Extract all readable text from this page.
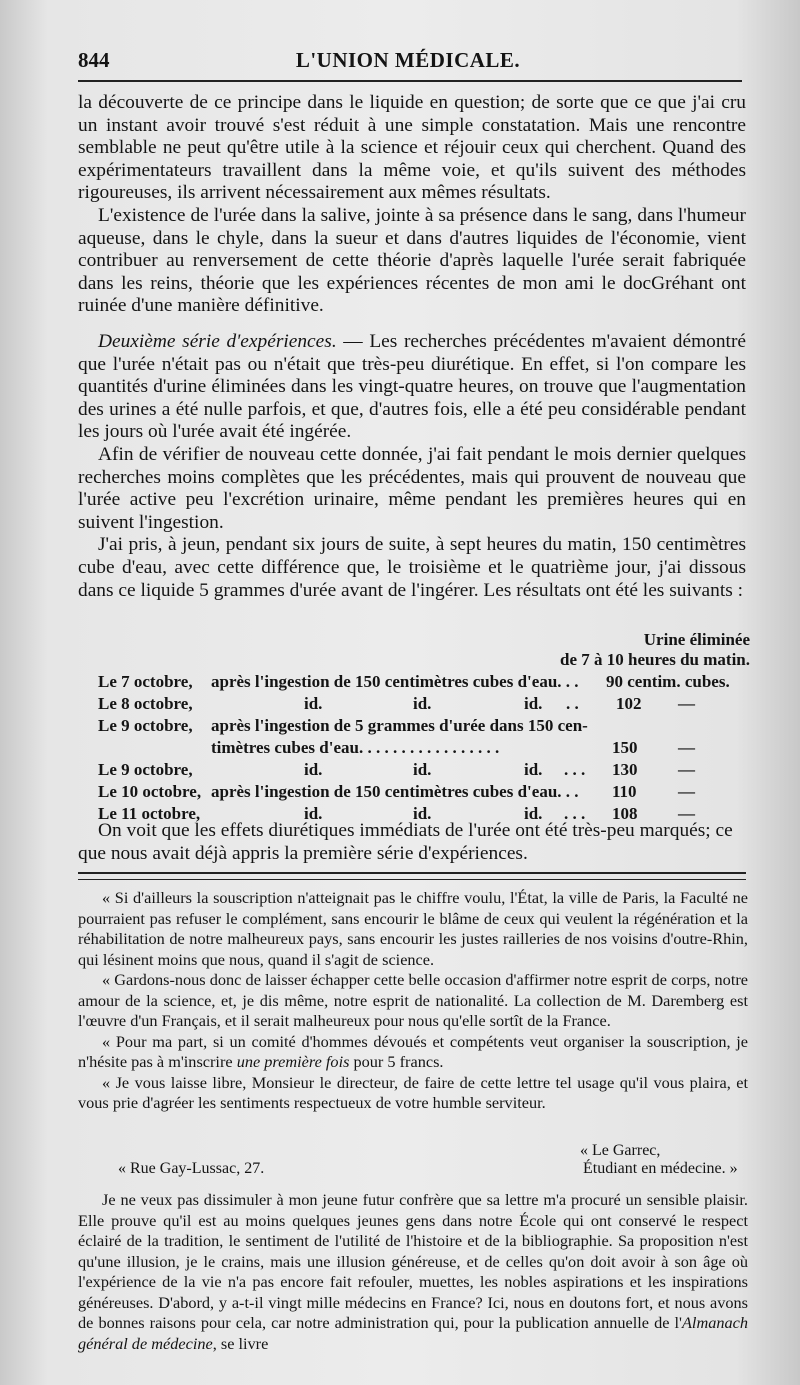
844	L'UNION MÉDICALE.

la découverte de ce principe dans le liquide en question; de sorte que ce que j'ai cru un instant avoir trouvé s'est réduit à une simple constatation. Mais une rencontre semblable ne peut qu'être utile à la science et réjouir ceux qui cherchent. Quand des expérimentateurs travaillent dans la même voie, et qu'ils suivent des méthodes rigoureuses, ils arrivent nécessairement aux mêmes résultats.

L'existence de l'urée dans la salive, jointe à sa présence dans le sang, dans l'humeur aqueuse, dans le chyle, dans la sueur et dans d'autres liquides de l'économie, vient contribuer au renversement de cette théorie d'après laquelle l'urée serait fabriquée dans les reins, théorie que les expériences récentes de mon ami le docGréhant ont ruinée d'une manière définitive.

Deuxième série d'expériences. — Les recherches précédentes m'avaient démontré que l'urée n'était pas ou n'était que très-peu diurétique. En effet, si l'on compare les quantités d'urine éliminées dans les vingt-quatre heures, on trouve que l'augmentation des urines a été nulle parfois, et que, d'autres fois, elle a été peu considérable pendant les jours où l'urée avait été ingérée.

Afin de vérifier de nouveau cette donnée, j'ai fait pendant le mois dernier quelques recherches moins complètes que les précédentes, mais qui prouvent de nouveau que l'urée active peu l'excrétion urinaire, même pendant les premières heures qui en suivent l'ingestion.

J'ai pris, à jeun, pendant six jours de suite, à sept heures du matin, 150 centimètres cube d'eau, avec cette différence que, le troisième et le quatrième jour, j'ai dissous dans ce liquide 5 grammes d'urée avant de l'ingérer. Les résultats ont été les suivants :

Urine éliminée
de 7 à 10 heures du matin.
Le 7 octobre, après l'ingestion de 150 centimètres cubes d'eau. . . 90 centim. cubes.
Le 8 octobre,	id.	id.	id. . . 102 —
Le 9 octobre, après l'ingestion de 5 grammes d'urée dans 150 cen-
timètres cubes d'eau. . . . . . . . . . . . . . . . .	150 —
Le 9 octobre,	id.	id.	id. . . . 130 —
Le 10 octobre, après l'ingestion de 150 centimètres cubes d'eau. . . 110 —
Le 11 octobre,	id.	id.	id. . . . 108 —

On voit que les effets diurétiques immédiats de l'urée ont été très-peu marqués; ce que nous avait déjà appris la première série d'expériences.

« Si d'ailleurs la souscription n'atteignait pas le chiffre voulu, l'État, la ville de Paris, la Faculté ne pourraient pas refuser le complément, sans encourir le blâme de ceux qui veulent la régénération et la réhabilitation de notre malheureux pays, sans encourir les justes railleries de nos voisins d'outre-Rhin, qui lésinent moins que nous, quand il s'agit de science.

« Gardons-nous donc de laisser échapper cette belle occasion d'affirmer notre esprit de corps, notre amour de la science, et, je dis même, notre esprit de nationalité. La collection de M. Daremberg est l'œuvre d'un Français, et il serait malheureux pour nous qu'elle sortît de la France.

« Pour ma part, si un comité d'hommes dévoués et compétents veut organiser la souscription, je n'hésite pas à m'inscrire une première fois pour 5 francs.

« Je vous laisse libre, Monsieur le directeur, de faire de cette lettre tel usage qu'il vous plaira, et vous prie d'agréer les sentiments respectueux de votre humble serviteur.

« Le Garrec,
« Rue Gay-Lussac, 27.	Étudiant en médecine. »

Je ne veux pas dissimuler à mon jeune futur confrère que sa lettre m'a procuré un sensible plaisir. Elle prouve qu'il est au moins quelques jeunes gens dans notre École qui ont conservé le respect éclairé de la tradition, le sentiment de l'utilité de l'histoire et de la bibliographie. Sa proposition n'est qu'une illusion, je le crains, mais une illusion généreuse, et de celles qu'on doit avoir à son âge où l'expérience de la vie n'a pas encore fait refouler, muettes, les nobles aspirations et les inspirations généreuses. D'abord, y a-t-il vingt mille médecins en France? Ici, nous en doutons fort, et nous avons de bonnes raisons pour cela, car notre administration qui, pour la publication annuelle de l'Almanach général de médecine, se livre
